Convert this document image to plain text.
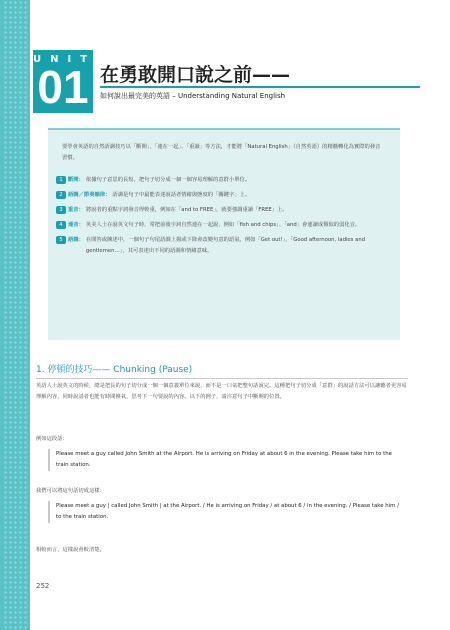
UNIT
01 在勇敢開口說之前——
如何說出最完美的英語 – Understanding Natural English
要學會英語的自然語調技巧以「斷開」、「連在一起」、「重讀」等方法，才能將「Natural English」（自然英語）的精髓轉化為實際的發音習慣。
1	斷開： 依據句子意思的長短，把句子切分成一個一個容易理解的意群小單位。
2	語調／節奏韻律： 語調是句子中最能表達說話者情緒與態度的「關鍵字」上。
3	重音： 將說者的重點字詞發音得較重，例如在「and to FREE」，就要強調重讀「FREE」上。
4	連音： 英美人士在說英文句子時，常把前後字詞自然連在一起說，例如「fish and chips」、「and」會連讀成類似的弱化音。
5	語調： 在問答或陳述中，一個句子句尾語調上揚或下降會改變句意的語氣，例如「Get out!」、「Good afternoon, ladies and gentlemen…」，其可表達出不同的語調和情緒意味。
1. 停頓的技巧—— Chunking (Pause)
英語人士說英文的時候，總是把長的句子切分成一個一個意義單位來說，而不是一口氣把整句話說完。這種把句子切分成「意群」的說話方法可以讓聽者更容易理解內容，同時說話者也能有時間換氣、思考下一句要說的內容。以下的例子，請注意句子中斷開的位置。
例如這段話：
Please meet a guy called John Smith at the Airport. He is arriving on Friday at about 6 in the evening. Please take him to the train station.
我們可以將這句話切成這樣：
Please meet a guy | called John Smith | at the Airport. / He is arriving on Friday / at about 6 / in the evening. / Please take him / to the train station.
相較而言，這樣說會較清楚。
252
